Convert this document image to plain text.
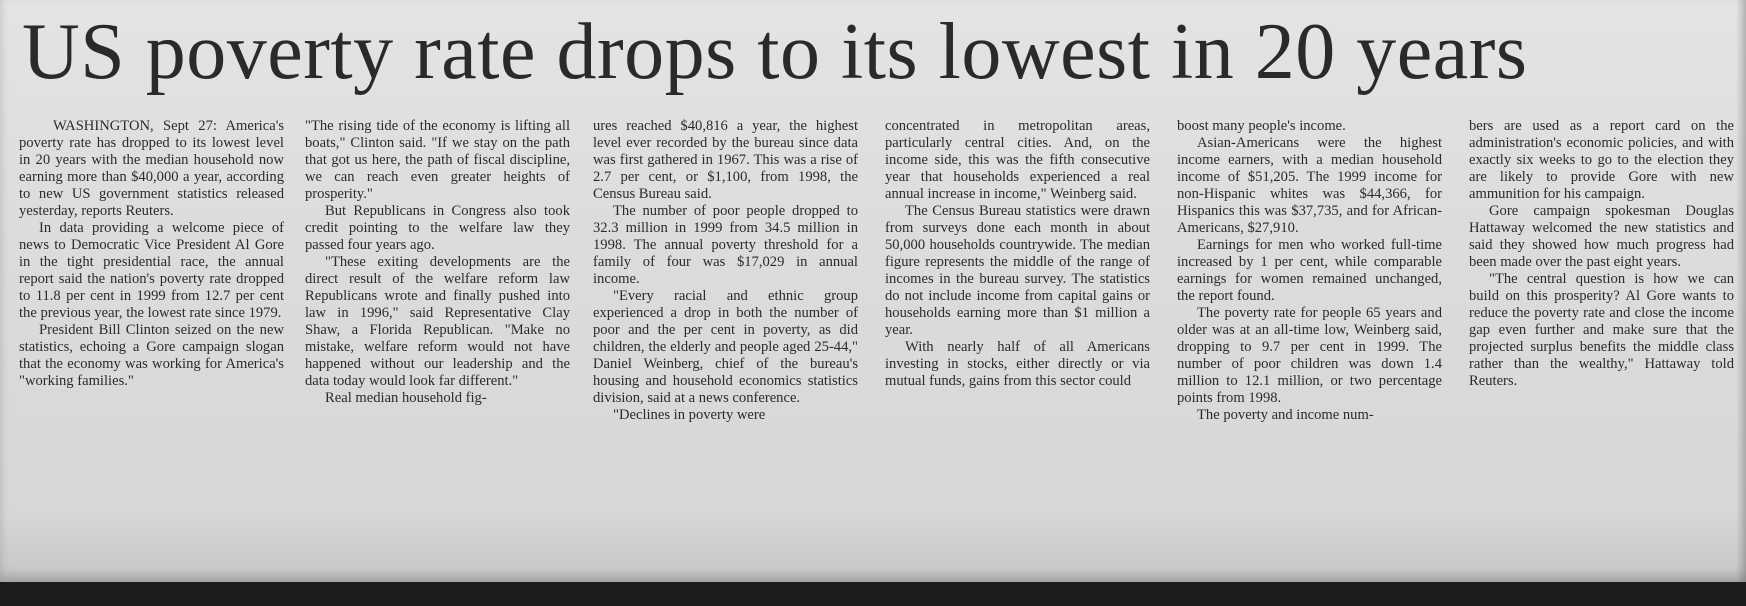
US poverty rate drops to its lowest in 20 years

WASHINGTON, Sept 27: America's poverty rate has dropped to its lowest level in 20 years with the median household now earning more than $40,000 a year, according to new US government statistics released yesterday, reports Reuters.

In data providing a welcome piece of news to Democratic Vice President Al Gore in the tight presidential race, the annual report said the nation's poverty rate dropped to 11.8 per cent in 1999 from 12.7 per cent the previous year, the lowest rate since 1979.

President Bill Clinton seized on the new statistics, echoing a Gore campaign slogan that the economy was working for America's "working families."

"The rising tide of the economy is lifting all boats," Clinton said. "If we stay on the path that got us here, the path of fiscal discipline, we can reach even greater heights of prosperity."

But Republicans in Congress also took credit pointing to the welfare law they passed four years ago.

"These exiting developments are the direct result of the welfare reform law Republicans wrote and finally pushed into law in 1996," said Representative Clay Shaw, a Florida Republican. "Make no mistake, welfare reform would not have happened without our leadership and the data today would look far different."

Real median household fig-

ures reached $40,816 a year, the highest level ever recorded by the bureau since data was first gathered in 1967. This was a rise of 2.7 per cent, or $1,100, from 1998, the Census Bureau said.

The number of poor people dropped to 32.3 million in 1999 from 34.5 million in 1998. The annual poverty threshold for a family of four was $17,029 in annual income.

"Every racial and ethnic group experienced a drop in both the number of poor and the per cent in poverty, as did children, the elderly and people aged 25-44," Daniel Weinberg, chief of the bureau's housing and household economics statistics division, said at a news conference.

"Declines in poverty were

concentrated in metropolitan areas, particularly central cities. And, on the income side, this was the fifth consecutive year that households experienced a real annual increase in income," Weinberg said.

The Census Bureau statistics were drawn from surveys done each month in about 50,000 households countrywide. The median figure represents the middle of the range of incomes in the bureau survey. The statistics do not include income from capital gains or households earning more than $1 million a year.

With nearly half of all Americans investing in stocks, either directly or via mutual funds, gains from this sector could

boost many people's income.

Asian-Americans were the highest income earners, with a median household income of $51,205. The 1999 income for non-Hispanic whites was $44,366, for Hispanics this was $37,735, and for African-Americans, $27,910.

Earnings for men who worked full-time increased by 1 per cent, while comparable earnings for women remained unchanged, the report found.

The poverty rate for people 65 years and older was at an all-time low, Weinberg said, dropping to 9.7 per cent in 1999. The number of poor children was down 1.4 million to 12.1 million, or two percentage points from 1998.

The poverty and income num-

bers are used as a report card on the administration's economic policies, and with exactly six weeks to go to the election they are likely to provide Gore with new ammunition for his campaign.

Gore campaign spokesman Douglas Hattaway welcomed the new statistics and said they showed how much progress had been made over the past eight years.

"The central question is how we can build on this prosperity? Al Gore wants to reduce the poverty rate and close the income gap even further and make sure that the projected surplus benefits the middle class rather than the wealthy," Hattaway told Reuters.
